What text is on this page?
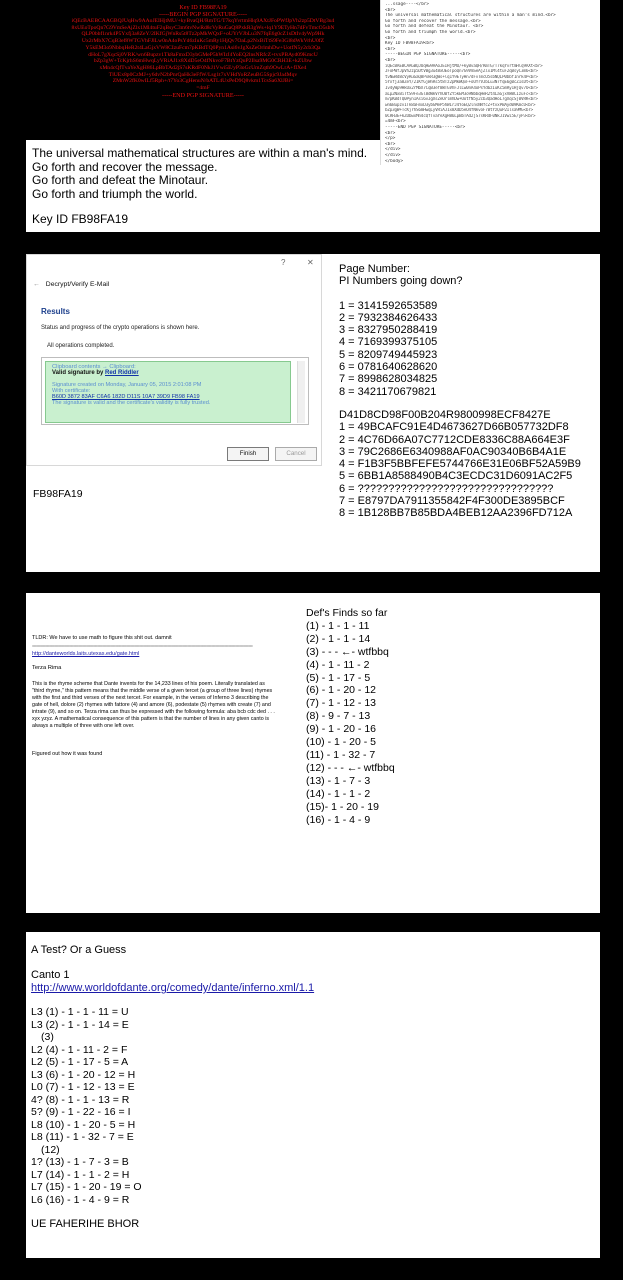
Key ID FB98FA19
-----BEGIN PGP SIGNATURE-----
iQEcBAEBCAAGBQJUqHw9AAoJEIHjtMU/+kyBvaQH/RmTG/T7kqYvrtmHlq9AXtJFoPWfJpVh2zp5DtVBg3u4
8xUEoTpoQn7G9VmSeAjZlx1Ml4tuF2qBsyC3m6tvNwRd8cVyRuGaQ8PxkR3gWs+lq1Y9ETyHn7dFvTmcO5sbN
QLP0bbf1nrk4P5Yxfj3a8ZeY/2IKfGjWnRs5t8Tz2pMkWQxF+oUYrVJbLu3N7fqE6g0cZ1sDtIv4yWp9Hk
Ux2rMbX7CqB3ef8WTGVhFJlLw0nA4oPsYd6zIuKc5mRy1HjQv7OaLp2NxBiTtS9Fe3Gl8dWkVrhU0fZ
Y5kEM3o9NbbqHeR2t4LaGjxVW8CIzuFcm7pKBdTQ0Pyn1Asi6vJgXsZeOrlmhDw+UotfN5y2cb3Qa
dHoL7gXqcSj0VRK/wn6Bupzv1Tk8aFmxD3ybGMeP5hWIrJ4YoEQ2lnsNRfcZ+tvxPBAyd09KmcU
bZp3gW+TcKjrhS6mHwqLyVRiAJ1x8XdD5eO4fNkvoF7BtYzQuP2Ilsa9MG0CRH3E+kZUbw
xMn4cQfTvaYeXgH86LpBbTAd2jS7sKRdF0NkJ1Vwi5E/yP3oGcUmZqth9OwLrA+fIXe4
TlUEx8p0CzMJ+y6dvN2bPnrQaHk3eFfW/Lsg1t7xVHdYoRZeuBG5Spjc9Ja4Mqv
ZMnW2fK0wILf5Rph+/t7Yo3CgHenuN/bATL4UxPeD9Q8vkm1TcsSa6XlJBi=
=4mF
-----END PGP SIGNATURE-----
...ssage----</br>
<br>
The universal mathematical structures are within a man's mind.<br>
Go forth and recover the message.<br>
Go forth and defeat the Minotaur. <br>
Go forth and triumph the world.<br>
<br>
Key ID FB98FA19<br>
<br>
-----BEGIN PGP SIGNATURE-----<br>
<br>
iQEcBAEBCAAGBQJUqHw9AAoJEIHjtMU/+kyBvaQH/RmTG/T7kqYvrtmHlq9AXt<br>
JFoPWfJpVh2zp5DtVBg3u48xUEoTpoQn7G9VmSeAjZlx1Ml4tuF2qBsyC3m6<br>
tvNwRd8cVyRuGaQ8PxkR3gWs+lq1Y9ETyHn7dFvTmcO5sbNQLP0bbf1nrk4P<br>
5Yxfj3a8ZeY/2IKfGjWnRs5t8Tz2pMkWQxF+oUYrVJbLu3N7fqE6g0cZ1sDt<br>
Iv4yWp9HkUx2rMbX7CqB3ef8WTGVhFJlLw0nA4oPsYd6zIuKc5mRy1HjQv7O<br>
aLp2NxBiTtS9Fe3Gl8dWkVrhU0fZY5kEM3o9NbbqHeR2t4LaGjxVW8CIzuFc<br>
m7pKBdTQ0Pyn1Asi6vJgXsZeOrlmhDw+UotfN5y2cb3QadHoL7gXqcSj0VRK<br>
wn6Bupzv1Tk8aFmxD3ybGMeP5hWIrJ4YoEQ2lnsNRfcZ+tvxPBAyd09KmcU<br>
bZp3gW+TcKjrhS6mHwqLyVRiAJ1x8XdD5eO4fNkvoF7BtYzQuP2Ilsa9MG<br>
0CRH3E+kZUbwxMn4cQfTvaYeXgH86LpBbTAd2jS7sKRdF0NkJ1Vwi5E/yP3<br>
=4mF<br>
-----END PGP SIGNATURE-----<br>
<br>
</p>
<br>
</div>
</div>
</body>
The universal mathematical structures are within a man's mind.
Go forth and recover the message.
Go forth and defeat the Minotaur.
Go forth and triumph the world.
Key ID FB98FA19
?	✕
← Decrypt/Verify E-Mail
Results
Status and progress of the crypto operations is shown here.
All operations completed.
Clipboard contents → Clipboard:
Valid signature by Red Riddler
Signature created on Monday, January 05, 2015 2:01:08 PM
With certificate:
B60D 3872 83AF C6A6 182D D11S 10A7 39D9 FB98 FA19
The signature is valid and the certificate's validity is fully trusted.
Finish	Cancel
FB98FA19
Page Number:
PI Numbers going down?
1 = 3141592653589
2 = 7932384626433
3 = 8327950288419
4 = 7169399375105
5 = 8209749445923
6 = 0781640628620
7 = 8998628034825
8 = 3421170679821
D41D8CD98F00B204R9800998ECF8427E
1 = 49BCAFC91E4D4673627D66B057732DF8
2 = 4C76D66A07C7712CDE8336C88A664E3F
3 = 79C2686E6340988AF0AC90340B6B4A1E
4 = F1B3F5BBFEFE5744766E31E06BF52A59B9
5 = 6BB1A8588490B4C3ECDC31D6091AC2F5
6 = ????????????????????????????????
7 = E8797DA7911355842F4F300DE3895BCF
8 = 1B128BB7B85BDA4BEB12AA2396FD712A
TLDR: We have to use math to figure this shit out. damnit
=====================================================================================================
http://danteworlds.laits.utexas.edu/gate.html
Terza Rima
This is the rhyme scheme that Dante invents for the 14,233 lines of his poem. Literally translated as "third rhyme," this pattern means that the middle verse of a given tercet (a group of three lines) rhymes with the first and third verses of the next tercet. For example, in the verses of Inferno 3 describing the gate of hell, dolore (2) rhymes with fattore (4) and amore (6), podestate (5) rhymes with create (7) and intrate (9), and so on. Terza rima can thus be expressed with the following formula: aba bcb cdc ded . . . xyx yzyz. A mathematical consequence of this pattern is that the number of lines in any given canto is always a multiple of three with one left over.
Figured out how it was found
Def's Finds so far
(1) - 1 - 1 - 11
(2) - 1 - 1 - 14
(3) - - - ←- wtfbbq
(4) - 1 - 11 - 2
(5) - 1 - 17 - 5
(6) - 1 - 20 - 12
(7) - 1 - 12 - 13
(8) - 9 - 7 - 13
(9) - 1 - 20 - 16
(10) - 1 - 20 - 5
(11) - 1 - 32 - 7
(12) - - - ←- wtfbbq
(13) - 1 - 7 - 3
(14) - 1 - 1 - 2
(15)- 1 - 20 - 19
(16) - 1 - 4 - 9
A Test? Or a Guess
Canto 1
http://www.worldofdante.org/comedy/dante/inferno.xml/1.1
L3 (1) - 1 - 1 - 11 = U
L3 (2) - 1 - 1 - 14 = E
(3)
L2 (4) - 1 - 11 - 2 = F
L2 (5) - 1 - 17 - 5 = A
L3 (6) - 1 - 20 - 12 = H
L0 (7) - 1 - 12 - 13 = E
4? (8) - 1 - 1 - 13 = R
5? (9) - 1 - 22 - 16 = I
L8 (10) - 1 - 20 - 5 = H
L8 (11) - 1 - 32 - 7 = E
(12)
1? (13) - 1 - 7 - 3 = B
L7 (14) - 1 - 1 - 2 = H
L7 (15) - 1 - 20 - 19 = O
L6 (16) - 1 - 4 - 9 = R
UE FAHERIHE BHOR
